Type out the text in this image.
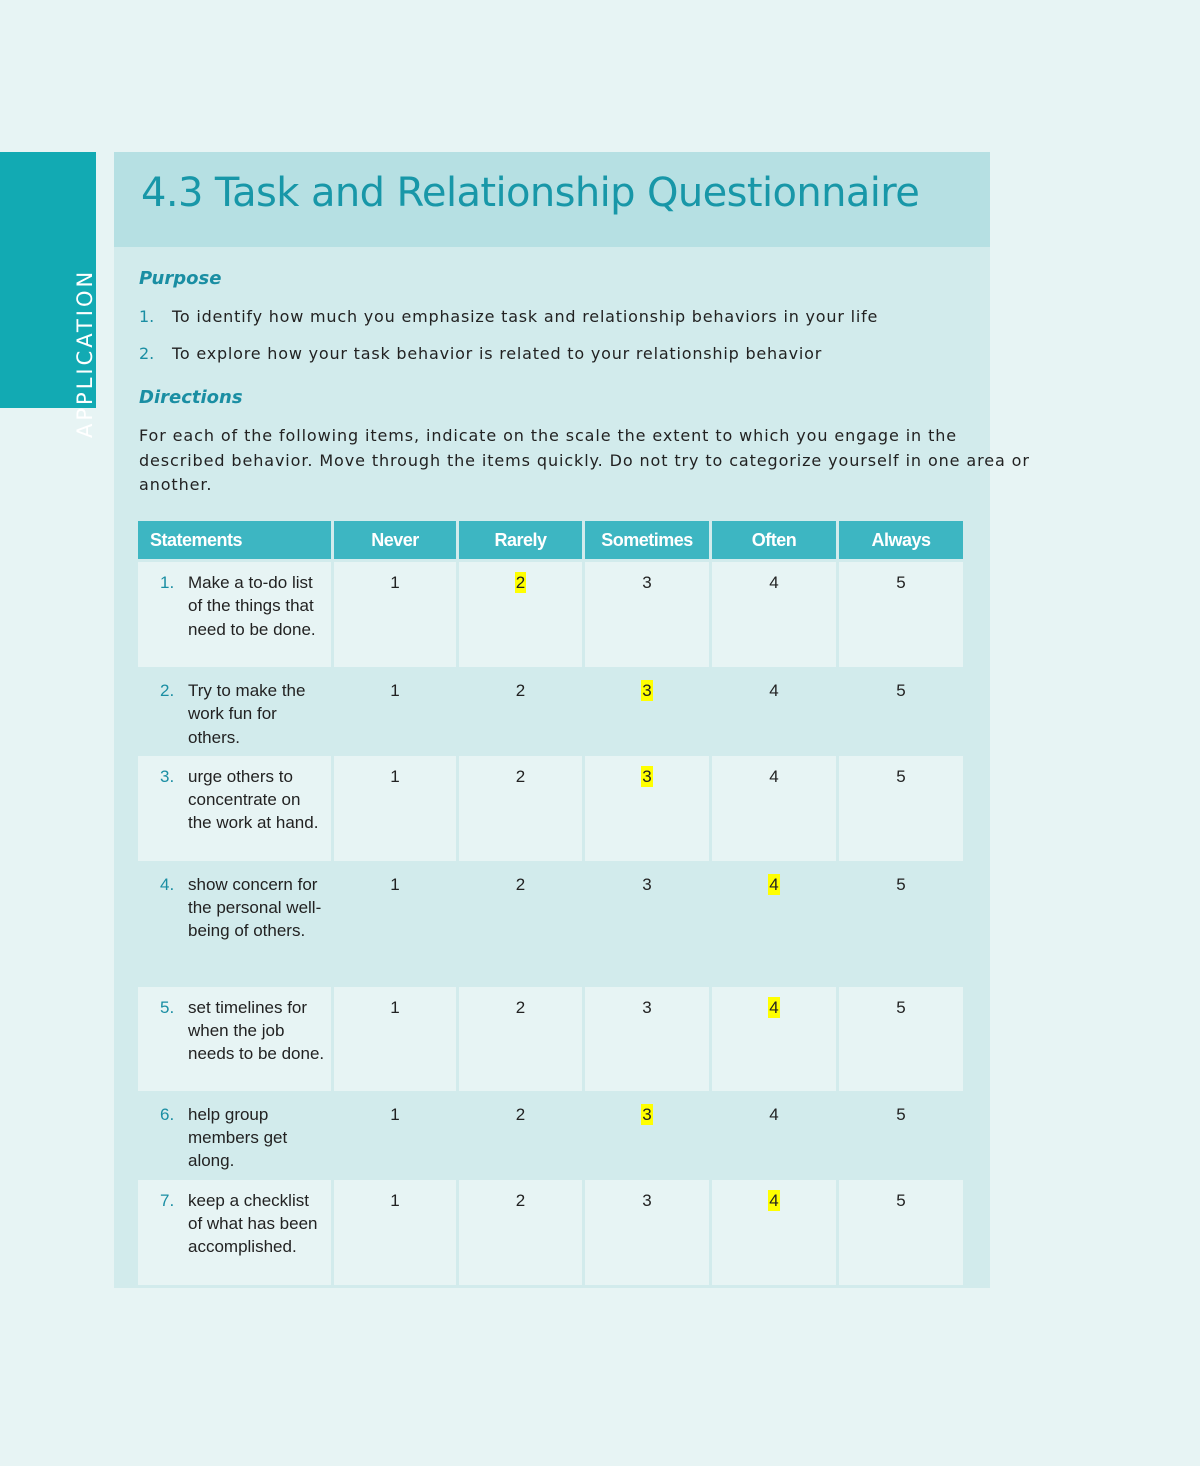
APPLICATION
4.3 Task and Relationship Questionnaire
Purpose
1. To identify how much you emphasize task and relationship behaviors in your life
2. To explore how your task behavior is related to your relationship behavior
Directions
For each of the following items, indicate on the scale the extent to which you engage in the described behavior. Move through the items quickly. Do not try to categorize yourself in one area or another.
Statements	Never	Rarely	Sometimes	Often	Always

1. Make a to-do list of the things that need to be done.	1	2	3	4	5

2. Try to make the work fun for others.	1	2	3	4	5

3. urge others to concentrate on the work at hand.	1	2	3	4	5

4. show concern for the personal well-being of others.	1	2	3	4	5

5. set timelines for when the job needs to be done.	1	2	3	4	5

6. help group members get along.	1	2	3	4	5

7. keep a checklist of what has been accomplished.	1	2	3	4	5
